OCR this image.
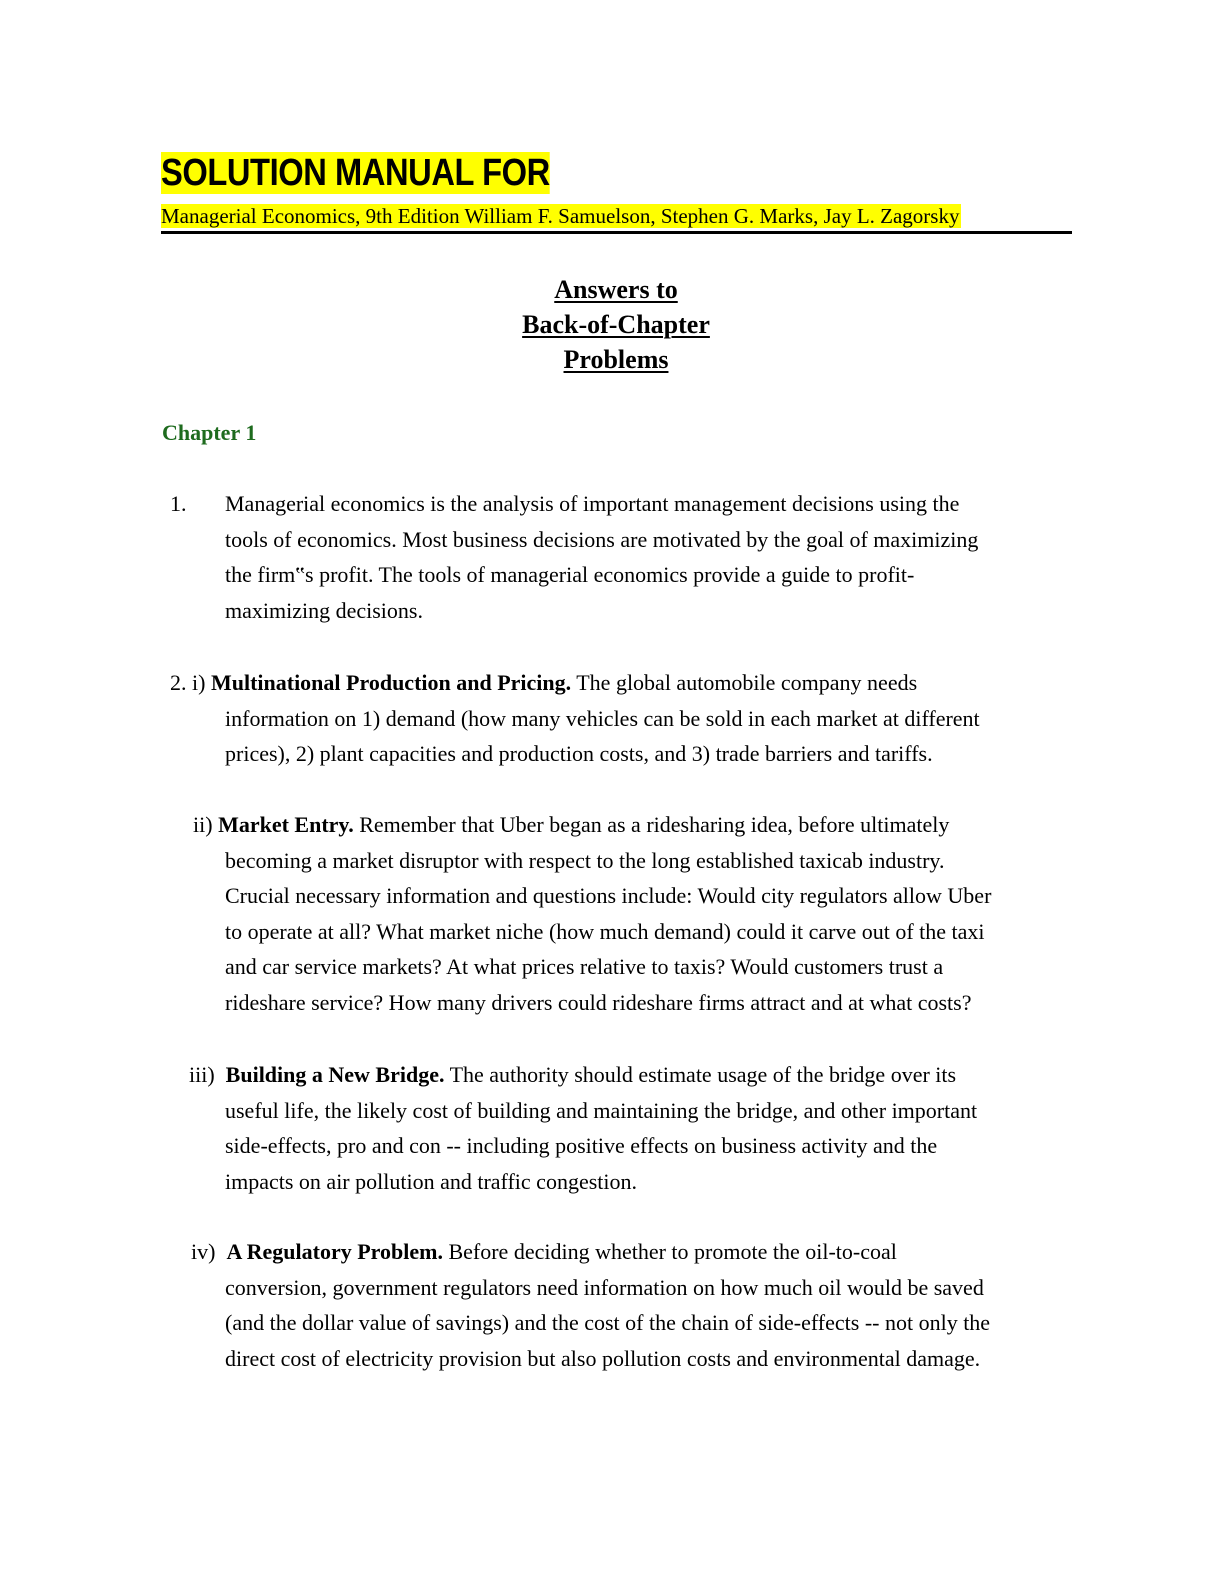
SOLUTION MANUAL FOR
Managerial Economics, 9th Edition William F. Samuelson, Stephen G. Marks, Jay L. Zagorsky
Answers to
Back-of-Chapter
Problems
Chapter 1
1. Managerial economics is the analysis of important management decisions using the
tools of economics. Most business decisions are motivated by the goal of maximizing
the firm‟s profit. The tools of managerial economics provide a guide to profit-
maximizing decisions.
2. i) Multinational Production and Pricing. The global automobile company needs
information on 1) demand (how many vehicles can be sold in each market at different
prices), 2) plant capacities and production costs, and 3) trade barriers and tariffs.
ii) Market Entry. Remember that Uber began as a ridesharing idea, before ultimately
becoming a market disruptor with respect to the long established taxicab industry.
Crucial necessary information and questions include: Would city regulators allow Uber
to operate at all? What market niche (how much demand) could it carve out of the taxi
and car service markets? At what prices relative to taxis? Would customers trust a
rideshare service? How many drivers could rideshare firms attract and at what costs?
iii) Building a New Bridge. The authority should estimate usage of the bridge over its
useful life, the likely cost of building and maintaining the bridge, and other important
side-effects, pro and con -- including positive effects on business activity and the
impacts on air pollution and traffic congestion.
iv) A Regulatory Problem. Before deciding whether to promote the oil-to-coal
conversion, government regulators need information on how much oil would be saved
(and the dollar value of savings) and the cost of the chain of side-effects -- not only the
direct cost of electricity provision but also pollution costs and environmental damage.
